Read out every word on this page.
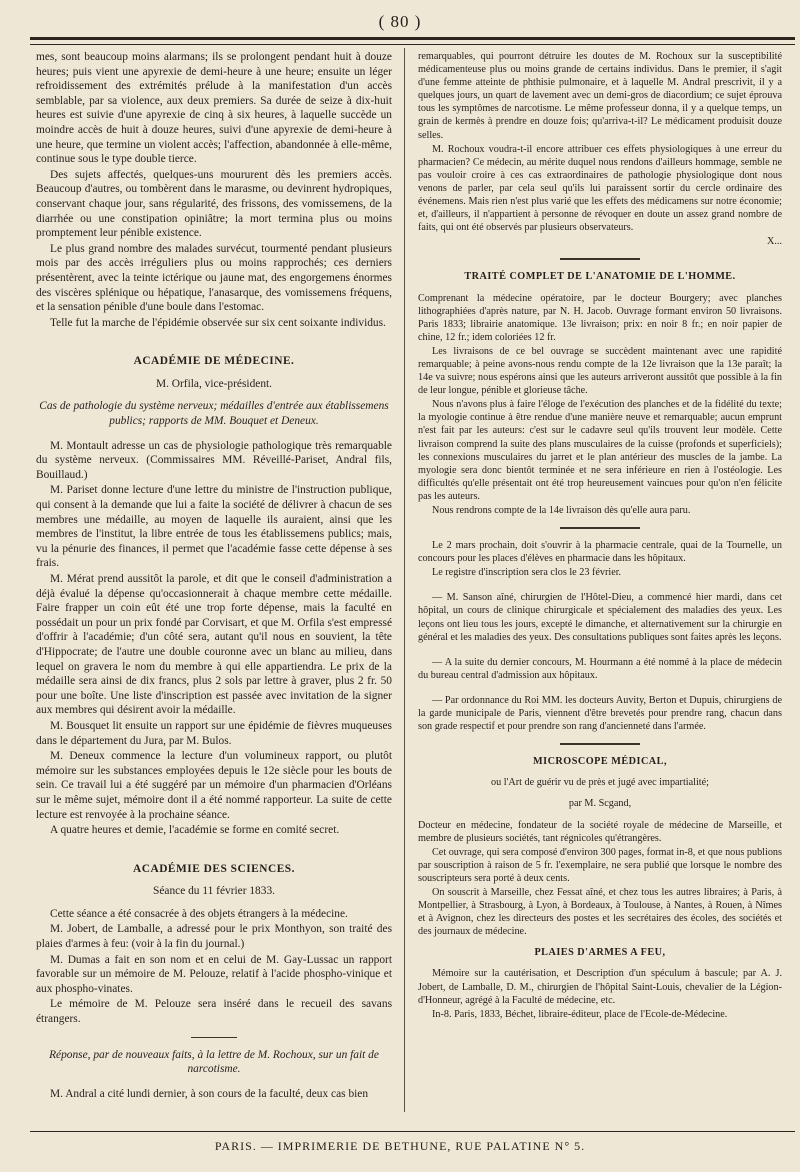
( 80 )

mes, sont beaucoup moins alarmans; ils se prolongent pendant huit à douze heures; puis vient une apyrexie de demi-heure à une heure; ensuite un léger refroidissement des extrémités prélude à la manifestation d'un accès semblable, par sa violence, aux deux premiers. Sa durée de seize à dix-huit heures est suivie d'une apyrexie de cinq à six heures, à laquelle succède un moindre accès de huit à douze heures, suivi d'une apyrexie de demi-heure à une heure, que termine un violent accès; l'affection, abandonnée à elle-même, continue sous le type double tierce.

Des sujets affectés, quelques-uns moururent dès les premiers accès. Beaucoup d'autres, ou tombèrent dans le marasme, ou devinrent hydropiques, conservant chaque jour, sans régularité, des frissons, des vomissemens, de la diarrhée ou une constipation opiniâtre; la mort termina plus ou moins promptement leur pénible existence.

Le plus grand nombre des malades survécut, tourmenté pendant plusieurs mois par des accès irréguliers plus ou moins rapprochés; ces derniers présentèrent, avec la teinte ictérique ou jaune mat, des engorgemens énormes des viscères splénique ou hépatique, l'anasarque, des vomissemens fréquens, et la sensation pénible d'une boule dans l'estomac.

Telle fut la marche de l'épidémie observée sur six cent soixante individus.

ACADÉMIE DE MÉDECINE.

M. Orfila, vice-président.

Cas de pathologie du système nerveux; médailles d'entrée aux établissemens publics; rapports de MM. Bouquet et Deneux.

M. Montault adresse un cas de physiologie pathologique très remarquable du système nerveux. (Commissaires MM. Réveillé-Pariset, Andral fils, Bouillaud.)

M. Pariset donne lecture d'une lettre du ministre de l'instruction publique, qui consent à la demande que lui a faite la société de délivrer à chacun de ses membres une médaille, au moyen de laquelle ils auraient, ainsi que les membres de l'institut, la libre entrée de tous les établissemens publics; mais, vu la pénurie des finances, il permet que l'académie fasse cette dépense à ses frais.

M. Mérat prend aussitôt la parole, et dit que le conseil d'administration a déjà évalué la dépense qu'occasionnerait à chaque membre cette médaille. Faire frapper un coin eût été une trop forte dépense, mais la faculté en possédait un pour un prix fondé par Corvisart, et que M. Orfila s'est empressé d'offrir à l'académie; d'un côté sera, autant qu'il nous en souvient, la tête d'Hippocrate; de l'autre une double couronne avec un blanc au milieu, dans lequel on gravera le nom du membre à qui elle appartiendra. Le prix de la médaille sera ainsi de dix francs, plus 2 sols par lettre à graver, plus 2 fr. 50 pour une boîte. Une liste d'inscription est passée avec invitation de la signer aux membres qui désirent avoir la médaille.

M. Bousquet lit ensuite un rapport sur une épidémie de fièvres muqueuses dans le département du Jura, par M. Bulos.

M. Deneux commence la lecture d'un volumineux rapport, ou plutôt mémoire sur les substances employées depuis le 12e siècle pour les bouts de sein. Ce travail lui a été suggéré par un mémoire d'un pharmacien d'Orléans sur le même sujet, mémoire dont il a été nommé rapporteur. La suite de cette lecture est renvoyée à la prochaine séance.

A quatre heures et demie, l'académie se forme en comité secret.

ACADÉMIE DES SCIENCES.

Séance du 11 février 1833.

Cette séance a été consacrée à des objets étrangers à la médecine.

M. Jobert, de Lamballe, a adressé pour le prix Monthyon, son traité des plaies d'armes à feu: (voir à la fin du journal.)

M. Dumas a fait en son nom et en celui de M. Gay-Lussac un rapport favorable sur un mémoire de M. Pelouze, relatif à l'acide phospho-vinique et aux phospho-vinates.

Le mémoire de M. Pelouze sera inséré dans le recueil des savans étrangers.

Réponse, par de nouveaux faits, à la lettre de M. Rochoux, sur un fait de narcotisme.

M. Andral a cité lundi dernier, à son cours de la faculté, deux cas bien

remarquables, qui pourront détruire les doutes de M. Rochoux sur la susceptibilité médicamenteuse plus ou moins grande de certains individus. Dans le premier, il s'agit d'une femme atteinte de phthisie pulmonaire, et à laquelle M. Andral prescrivit, il y a quelques jours, un quart de lavement avec un demi-gros de diacordium; ce sujet éprouva tous les symptômes de narcotisme. Le même professeur donna, il y a quelque temps, un grain de kermès à prendre en douze fois; qu'arriva-t-il? Le médicament produisit douze selles.

M. Rochoux voudra-t-il encore attribuer ces effets physiologiques à une erreur du pharmacien? Ce médecin, au mérite duquel nous rendons d'ailleurs hommage, semble ne pas vouloir croire à ces cas extraordinaires de pathologie physiologique dont nous venons de parler, par cela seul qu'ils lui paraissent sortir du cercle ordinaire des événemens. Mais rien n'est plus varié que les effets des médicamens sur notre économie; et, d'ailleurs, il n'appartient à personne de révoquer en doute un assez grand nombre de faits, qui ont été observés par plusieurs observateurs.

X...

TRAITÉ COMPLET DE L'ANATOMIE DE L'HOMME.

Comprenant la médecine opératoire, par le docteur Bourgery; avec planches lithographiées d'après nature, par N. H. Jacob. Ouvrage formant environ 50 livraisons. Paris 1833; librairie anatomique. 13e livraison; prix: en noir 8 fr.; en noir papier de chine, 12 fr.; idem coloriées 12 fr.

Les livraisons de ce bel ouvrage se succèdent maintenant avec une rapidité remarquable; à peine avons-nous rendu compte de la 12e livraison que la 13e paraît; la 14e va suivre; nous espérons ainsi que les auteurs arriveront aussitôt que possible à la fin de leur longue, pénible et glorieuse tâche.

Nous n'avons plus à faire l'éloge de l'exécution des planches et de la fidélité du texte; la myologie continue à être rendue d'une manière neuve et remarquable; aucun emprunt n'est fait par les auteurs: c'est sur le cadavre seul qu'ils trouvent leur modèle. Cette livraison comprend la suite des plans musculaires de la cuisse (profonds et superficiels); les connexions musculaires du jarret et le plan antérieur des muscles de la jambe. La myologie sera donc bientôt terminée et ne sera inférieure en rien à l'ostéologie. Les difficultés qu'elle présentait ont été trop heureusement vaincues pour qu'on n'en félicite pas les auteurs.

Nous rendrons compte de la 14e livraison dès qu'elle aura paru.

Le 2 mars prochain, doit s'ouvrir à la pharmacie centrale, quai de la Tournelle, un concours pour les places d'élèves en pharmacie dans les hôpitaux.

Le registre d'inscription sera clos le 23 février.

— M. Sanson aîné, chirurgien de l'Hôtel-Dieu, a commencé hier mardi, dans cet hôpital, un cours de clinique chirurgicale et spécialement des maladies des yeux. Les leçons ont lieu tous les jours, excepté le dimanche, et alternativement sur la chirurgie en général et les maladies des yeux. Des consultations publiques sont faites après les leçons.

— A la suite du dernier concours, M. Hourmann a été nommé à la place de médecin du bureau central d'admission aux hôpitaux.

— Par ordonnance du Roi MM. les docteurs Auvity, Berton et Dupuis, chirurgiens de la garde municipale de Paris, viennent d'être brevetés pour prendre rang, chacun dans son grade respectif et pour prendre son rang d'ancienneté dans l'armée.

MICROSCOPE MÉDICAL,

ou l'Art de guérir vu de près et jugé avec impartialité;

par M. Scgand,

Docteur en médecine, fondateur de la société royale de médecine de Marseille, et membre de plusieurs sociétés, tant régnicoles qu'étrangères.

Cet ouvrage, qui sera composé d'environ 300 pages, format in-8, et que nous publions par souscription à raison de 5 fr. l'exemplaire, ne sera publié que lorsque le nombre des souscripteurs sera porté à deux cents.

On souscrit à Marseille, chez Fessat aîné, et chez tous les autres libraires; à Paris, à Montpellier, à Strasbourg, à Lyon, à Bordeaux, à Toulouse, à Nantes, à Rouen, à Nîmes et à Avignon, chez les directeurs des postes et les secrétaires des écoles, des sociétés et des journaux de médecine.

PLAIES D'ARMES A FEU,

Mémoire sur la cautérisation, et Description d'un spéculum à bascule; par A. J. Jobert, de Lamballe, D. M., chirurgien de l'hôpital Saint-Louis, chevalier de la Légion-d'Honneur, agrégé à la Faculté de médecine, etc.

In-8. Paris, 1833, Béchet, libraire-éditeur, place de l'Ecole-de-Médecine.

PARIS. — IMPRIMERIE DE BETHUNE, RUE PALATINE N° 5.
